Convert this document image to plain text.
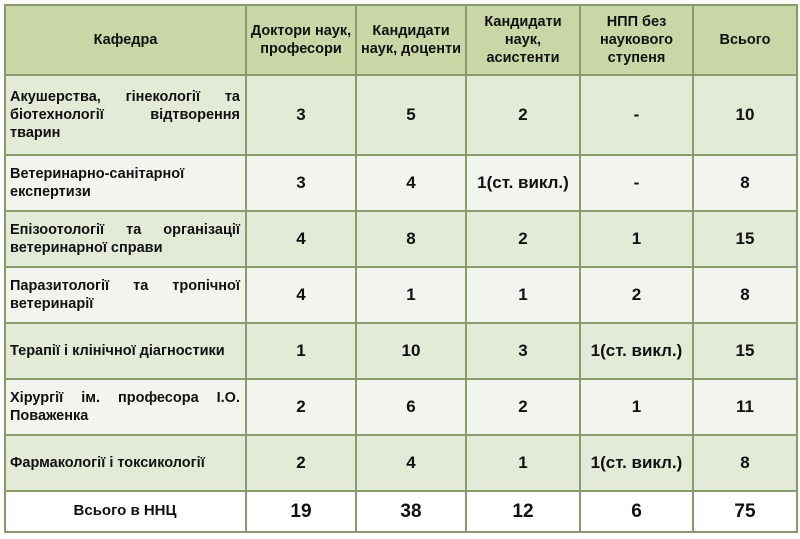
Кафедра	Доктори наук, професори	Кандидати наук, доценти	Кандидати наук, асистенти	НПП без наукового ступеня	Всього
Акушерства, гінекології та біотехнології відтворення тварин	3	5	2	-	10
Ветеринарно-санітарної експертизи	3	4	1(ст. викл.)	-	8
Епізоотології та організації ветеринарної справи	4	8	2	1	15
Паразитології та тропічної ветеринарії	4	1	1	2	8
Терапії і клінічної діагностики	1	10	3	1(ст. викл.)	15
Хірургії ім. професора І.О. Поваженка	2	6	2	1	11
Фармакології і токсикології	2	4	1	1(ст. викл.)	8
Всього в ННЦ	19	38	12	6	75
